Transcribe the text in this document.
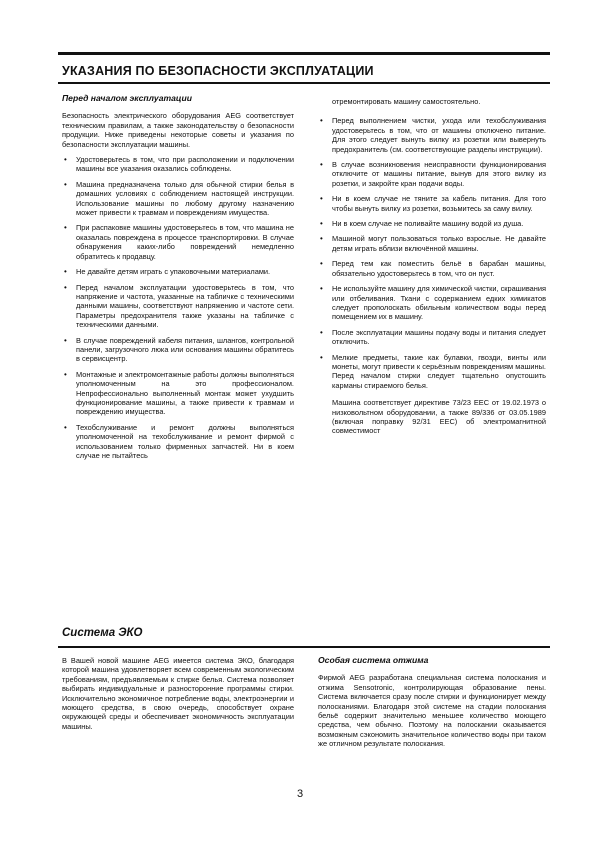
УКАЗАНИЯ ПО БЕЗОПАСНОСТИ ЭКСПЛУАТАЦИИ
Перед началом эксплуатации

Безопасность электрического оборудования AEG соответствует техническим правилам, а также законодательству о безопасности продукции. Ниже приведены некоторые советы и указания по безопасности эксплуатации машины.

• Удостоверьтесь в том, что при расположении и подключении машины все указания оказались соблюдены.
• Машина предназначена только для обычной стирки белья в домашних условиях с соблюдением настоящей инструкции. Использование машины по любому другому назначению может привести к травмам и повреждениям имущества.
• При распаковке машины удостоверьтесь в том, что машина не оказалась повреждена в процессе транспортировки. В случае обнаружения каких-либо повреждений немедленно обратитесь к продавцу.
• Не давайте детям играть с упаковочными материалами.
• Перед началом эксплуатации удостоверьтесь в том, что напряжение и частота, указанные на табличке с техническими данными машины, соответствуют напряжению и частоте сети. Параметры предохранителя также указаны на табличке с техническими данными.
• В случае повреждений кабеля питания, шлангов, контрольной панели, загрузочного люка или основания машины обратитесь в сервисцентр.
• Монтажные и электромонтажные работы должны выполняться уполномоченным на это профессионалом. Непрофессионально выполненный монтаж может ухудшить функционирование машины, а также привести к травмам и повреждению имущества.
• Техобслуживание и ремонт должны выполняться уполномоченной на техобслуживание и ремонт фирмой с использованием только фирменных запчастей. Ни в коем случае не пытайтесь

отремонтировать машину самостоятельно.

• Перед выполнением чистки, ухода или техобслуживания удостоверьтесь в том, что от машины отключено питание. Для этого следует вынуть вилку из розетки или вывернуть предохранитель (см. соответствующие разделы инструкции).
• В случае возникновения неисправности функционирования отключите от машины питание, вынув для этого вилку из розетки, и закройте кран подачи воды.
• Ни в коем случае не тяните за кабель питания. Для того чтобы вынуть вилку из розетки, возьмитесь за саму вилку.
• Ни в коем случае не поливайте машину водой из душа.
• Машиной могут пользоваться только взрослые. Не давайте детям играть вблизи включённой машины.
• Перед тем как поместить бельё в барабан машины, обязательно удостоверьтесь в том, что он пуст.
• Не используйте машину для химической чистки, скрашивания или отбеливания. Ткани с содержанием едких химикатов следует прополоскать обильным количеством воды перед помещением их в машину.
• После эксплуатации машины подачу воды и питания следует отключить.
• Мелкие предметы, такие как булавки, гвозди, винты или монеты, могут привести к серьёзным повреждениям машины. Перед началом стирки следует тщательно опустошить карманы стираемого белья.

Машина соответствует директиве 73/23 EEC от 19.02.1973 о низковольтном оборудовании, а также 89/336 от 03.05.1989 (включая поправку 92/31 EEC) об электромагнитной совместимост

Система ЭКО

В Вашей новой машине AEG имеется система ЭКО, благодаря которой машина удовлетворяет всем современным экологическим требованиям, предъявляемым к стирке белья. Система позволяет выбирать индивидуальные и разносторонние программы стирки. Исключительно экономичное потребление воды, электроэнергии и моющего средства, в свою очередь, способствует охране окружающей среды и обеспечивает экономичность эксплуатации машины.

Особая система отжима

Фирмой AEG разработана специальная система полоскания и отжима Sensotronic, контролирующая образование пены. Система включается сразу после стирки и функционирует между полосканиями. Благодаря этой системе на стадии полоскания бельё содержит значительно меньшее количество моющего средства, чем обычно. Поэтому на полоскании оказывается возможным сэкономить значительное количество воды при таком же отличном результате полоскания.

3
